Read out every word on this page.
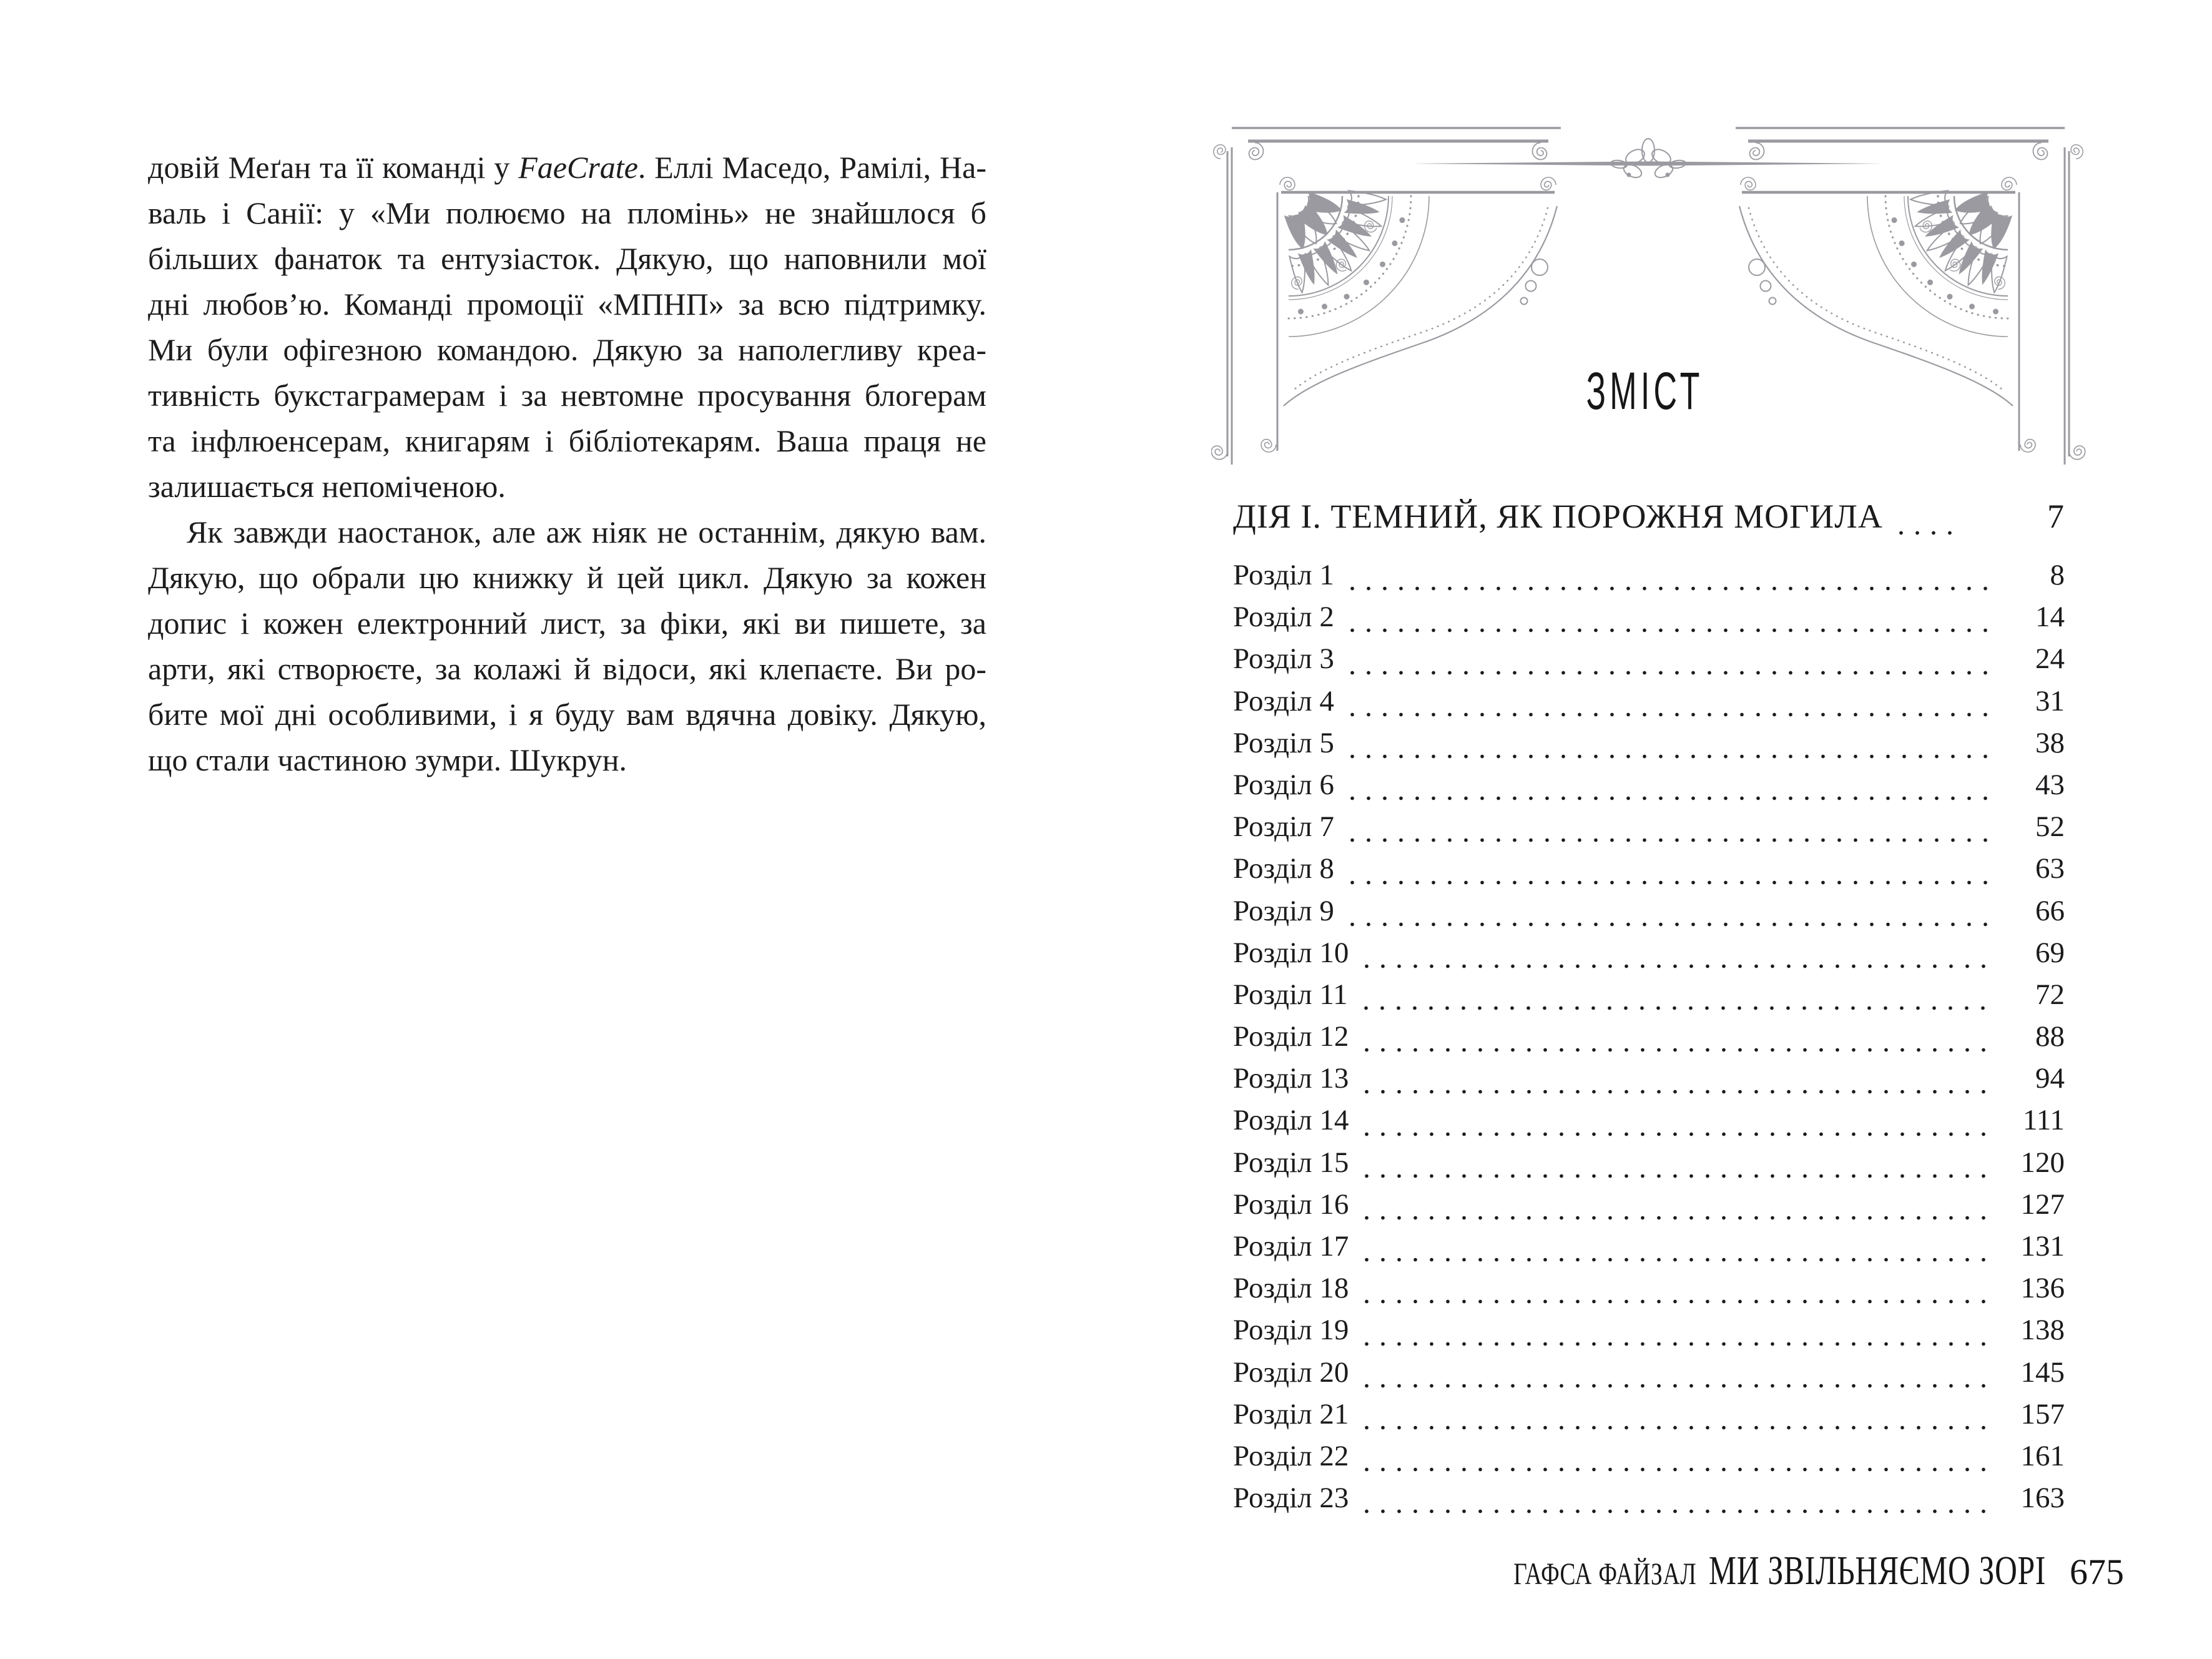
довій Меґан та її команді у FaeCrate. Еллі Маседо, Рамілі, На-
валь і Санії: у «Ми полюємо на пломінь» не знайшлося б
більших фанаток та ентузіасток. Дякую, що наповнили мої
дні любов’ю. Команді промоції «МПНП» за всю підтримку.
Ми були офігезною командою. Дякую за наполегливу креа-
тивність букстаграмерам і за невтомне просування блогерам
та інфлюенсерам, книгарям і бібліотекарям. Ваша праця не
залишається непоміченою.
Як завжди наостанок, але аж ніяк не останнім, дякую вам.
Дякую, що обрали цю книжку й цей цикл. Дякую за кожен
допис і кожен електронний лист, за фіки, які ви пишете, за
арти, які створюєте, за колажі й відоси, які клепаєте. Ви ро-
бите мої дні особливими, і я буду вам вдячна довіку. Дякую,
що стали частиною зумри. Шукрун.
ЗМІСТ
ДІЯ І. ТЕМНИЙ, ЯК ПОРОЖНЯ МОГИЛА	7
Розділ 1	8
Розділ 2	14
Розділ 3	24
Розділ 4	31
Розділ 5	38
Розділ 6	43
Розділ 7	52
Розділ 8	63
Розділ 9	66
Розділ 10	69
Розділ 11	72
Розділ 12	88
Розділ 13	94
Розділ 14	111
Розділ 15	120
Розділ 16	127
Розділ 17	131
Розділ 18	136
Розділ 19	138
Розділ 20	145
Розділ 21	157
Розділ 22	161
Розділ 23	163
ГАФСА ФАЙЗАЛ МИ ЗВІЛЬНЯЄМО ЗОРІ 675
